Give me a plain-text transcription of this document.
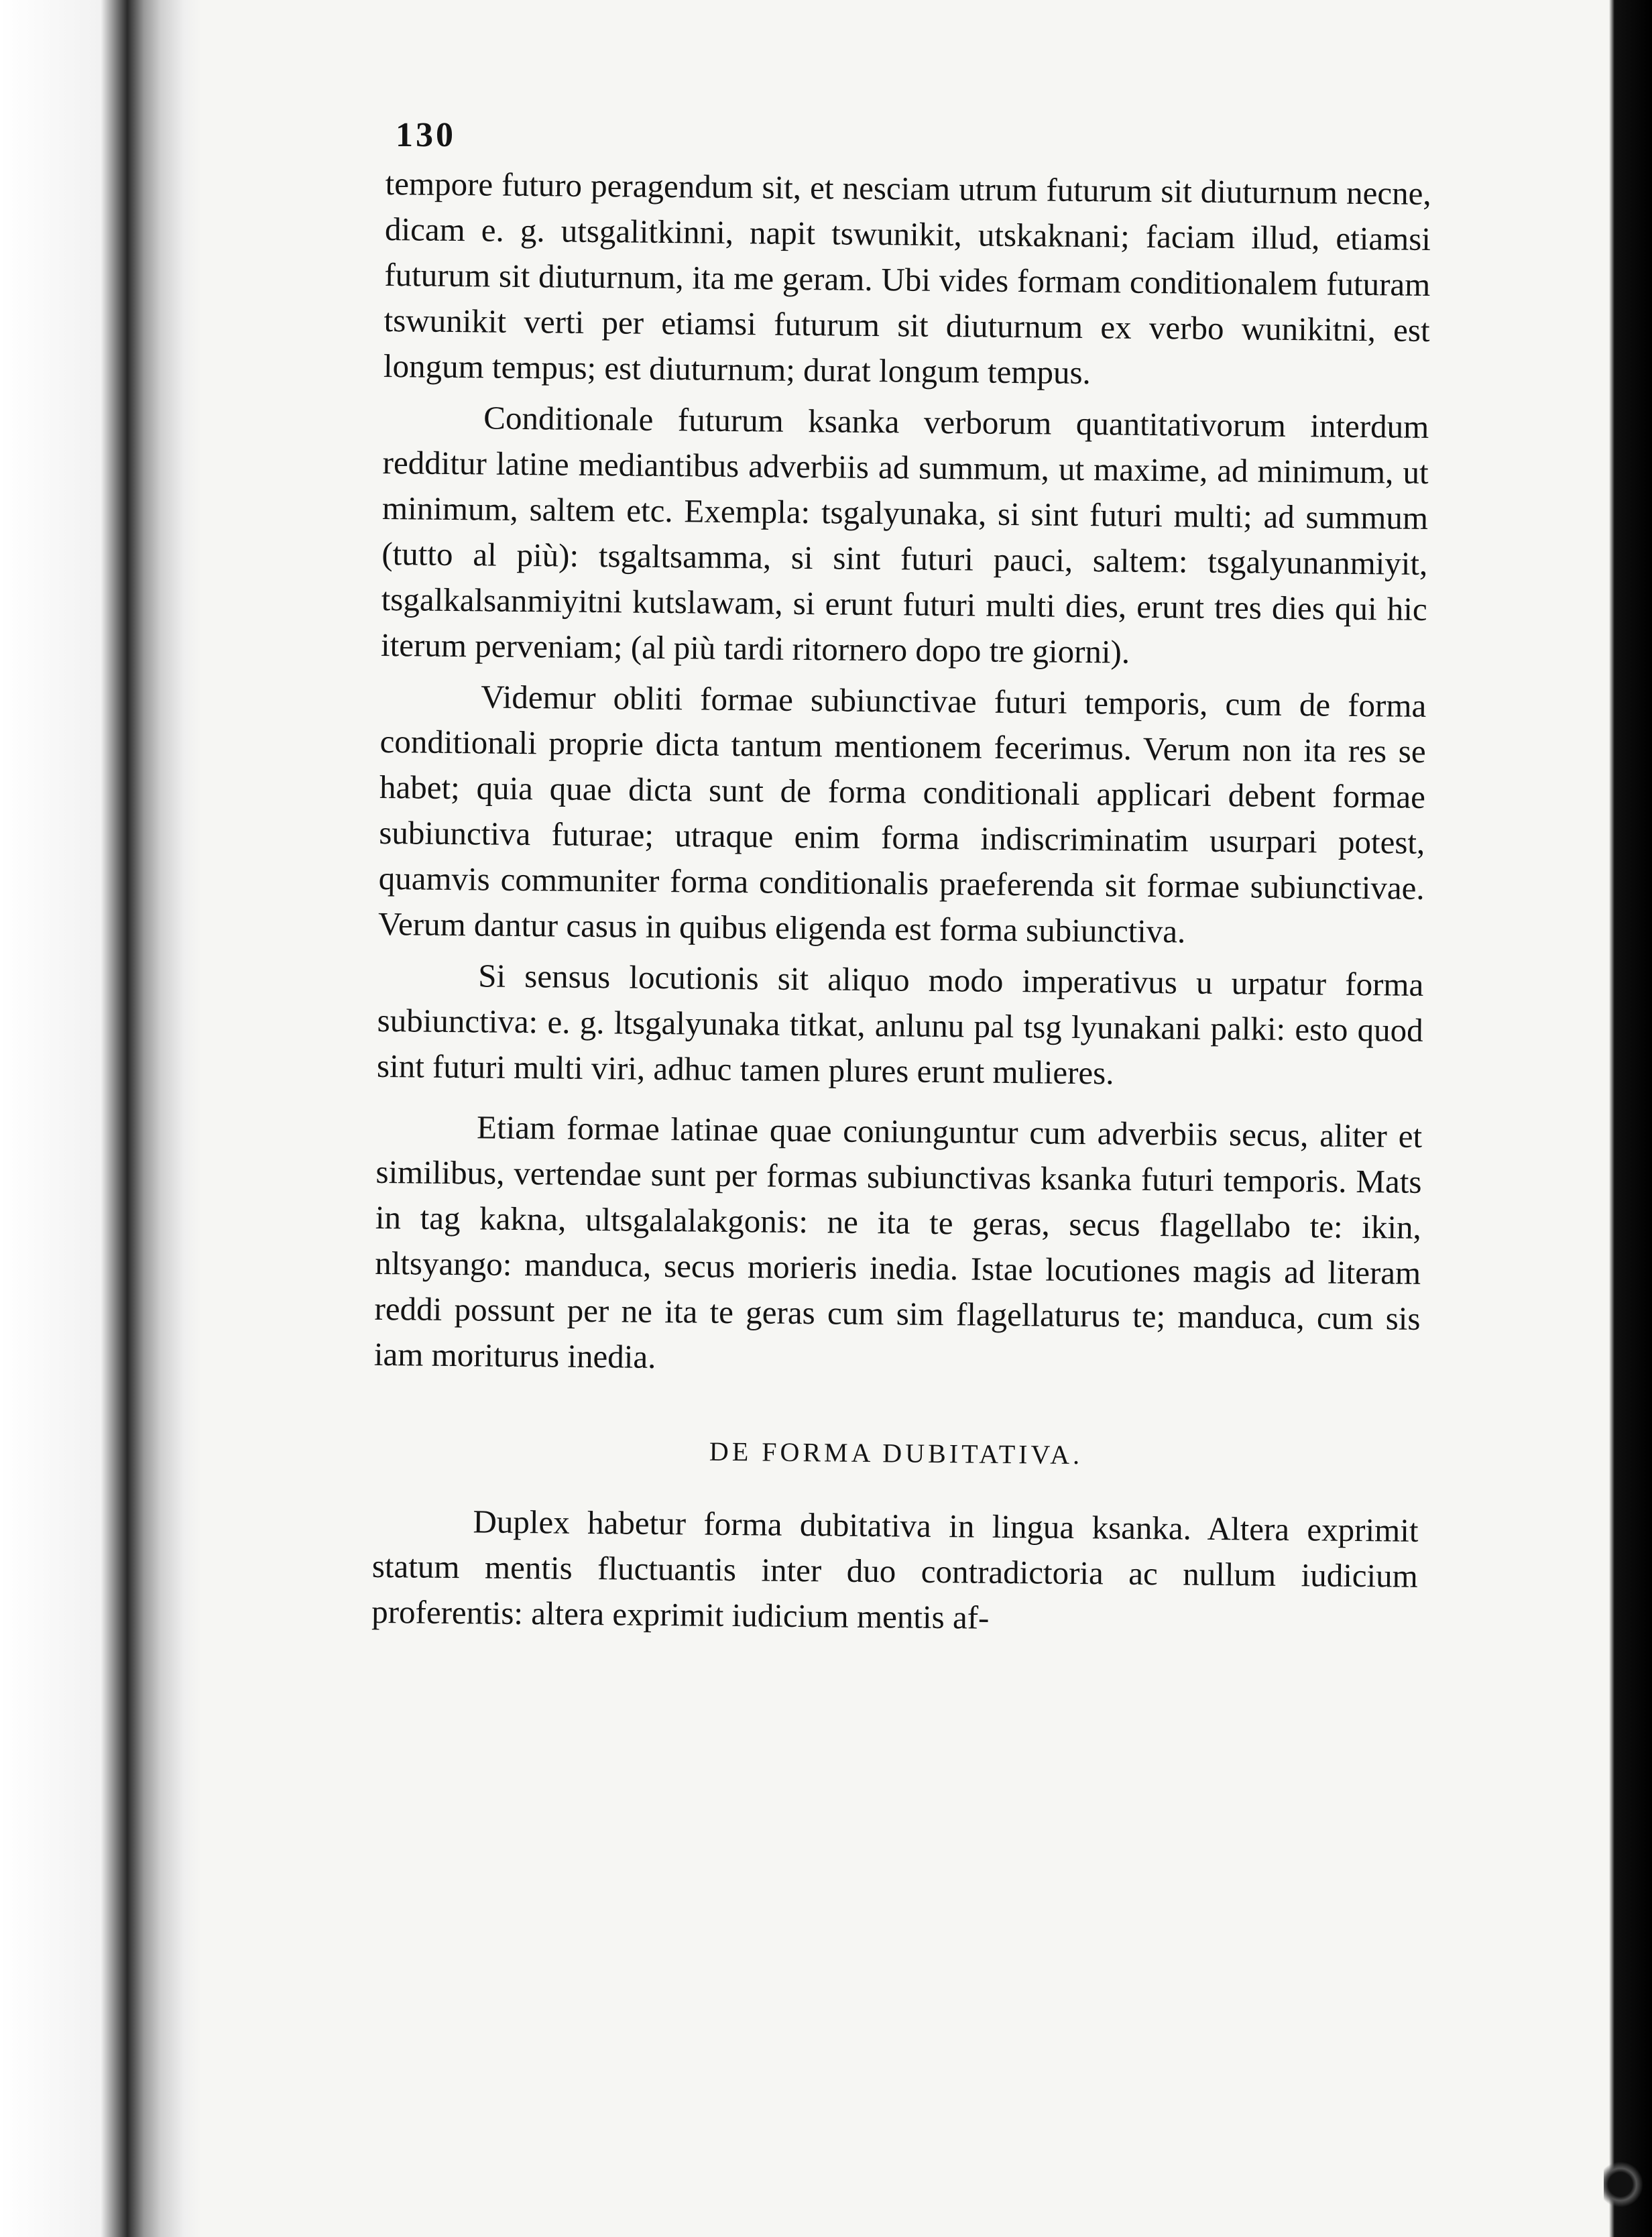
130

tempore futuro peragendum sit, et nesciam utrum futurum sit diuturnum necne, dicam e. g. utsgalitkinni, napit tswunikit, utskaknani; faciam illud, etiamsi futurum sit diuturnum, ita me geram. Ubi vides formam conditionalem futuram tswunikit verti per etiamsi futurum sit diuturnum ex verbo wunikitni, est longum tempus; est diuturnum; durat longum tempus.

Conditionale futurum ksanka verborum quantitativorum interdum redditur latine mediantibus adverbiis ad summum, ut maxime, ad minimum, ut minimum, saltem etc. Exempla: tsgalyunaka, si sint futuri multi; ad summum (tutto al più): tsgaltsamma, si sint futuri pauci, saltem: tsgalyunanmiyit, tsgalkalsanmiyitni kutslawam, si erunt futuri multi dies, erunt tres dies qui hic iterum perveniam; (al più tardi ritornero dopo tre giorni).

Videmur obliti formae subiunctivae futuri temporis, cum de forma conditionali proprie dicta tantum mentionem fecerimus. Verum non ita res se habet; quia quae dicta sunt de forma conditionali applicari debent formae subiunctiva futurae; utraque enim forma indiscriminatim usurpari potest, quamvis communiter forma conditionalis praeferenda sit formae subiunctivae. Verum dantur casus in quibus eligenda est forma subiunctiva.

Si sensus locutionis sit aliquo modo imperativus u urpatur forma subiunctiva: e. g. ltsgalyunaka titkat, anlunu pal tsg lyunakani palki: esto quod sint futuri multi viri, adhuc tamen plures erunt mulieres.

Etiam formae latinae quae coniunguntur cum adverbiis secus, aliter et similibus, vertendae sunt per formas subiunctivas ksanka futuri temporis. Mats in tag kakna, ultsgalalakgonis: ne ita te geras, secus flagellabo te: ikin, nltsyango: manduca, secus morieris inedia. Istae locutiones magis ad literam reddi possunt per ne ita te geras cum sim flagellaturus te; manduca, cum sis iam moriturus inedia.

DE FORMA DUBITATIVA.

Duplex habetur forma dubitativa in lingua ksanka. Altera exprimit statum mentis fluctuantis inter duo contradictoria ac nullum iudicium proferentis: altera exprimit iudicium mentis af-
